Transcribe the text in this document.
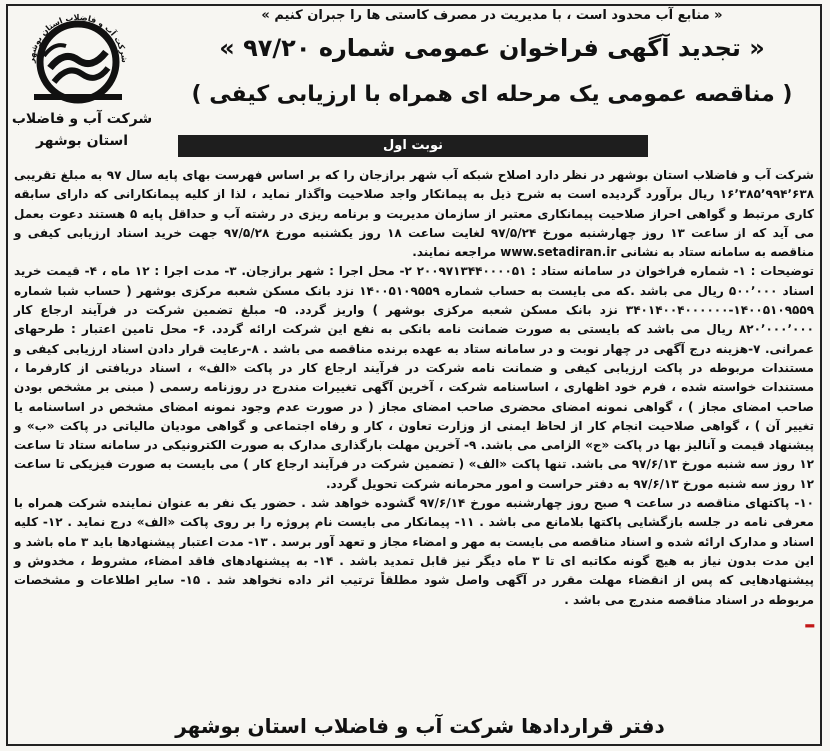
شرکت آب و فاضلاب استان بوشهر
شرکت آب و فاضلاب
استان بوشهر
« منابع آب محدود است ، با مدیریت در مصرف کاستی ها را جبران کنیم »
« تجدید آگهی فراخوان عمومی شماره ۹۷/۲۰ »
( مناقصه عمومی یک مرحله ای همراه با ارزیابی کیفی )
نوبت اول

شرکت آب و فاضلاب استان بوشهر در نظر دارد اصلاح شبکه آب شهر برازجان را که بر اساس فهرست بهای پایه سال ۹۷ به مبلغ تقریبی ۱۶٬۳۸۵٬۹۹۴٬۶۳۸ ریال برآورد گردیده است به شرح ذیل به پیمانکار واجد صلاحیت واگذار نماید ، لذا از کلیه پیمانکارانی که دارای سابقه کاری مرتبط و گواهی احراز صلاحیت پیمانکاری معتبر از سازمان مدیریت و برنامه ریزی در رشته آب و حداقل پایه ۵ هستند دعوت بعمل می آید که از ساعت ۱۳ روز چهارشنبه مورخ ۹۷/۵/۲۴ لغایت ساعت ۱۸ روز یکشنبه مورخ ۹۷/۵/۲۸ جهت خرید اسناد ارزیابی کیفی و مناقصه به سامانه ستاد به نشانی www.setadiran.ir مراجعه نمایند.

توضیحات : ۱- شماره فراخوان در سامانه ستاد : ۲۰۰۹۷۱۳۴۴۰۰۰۰۵۱ ۲- محل اجرا : شهر برازجان. ۳- مدت اجرا : ۱۲ ماه ، ۴- قیمت خرید اسناد ۵۰۰٬۰۰۰ ریال می باشد .که می بایست به حساب شماره ۱۴۰۰۵۱۰۹۵۵۹ نزد بانک مسکن شعبه مرکزی بوشهر ( حساب شبا شماره ۱۴۰۰۵۱۰۹۵۵۹-۳۴۰۱۴۰۰۴۰۰۰۰۰۰ نزد بانک مسکن شعبه مرکزی بوشهر ) واریز گردد. ۵- مبلغ تضمین شرکت در فرآیند ارجاع کار ۸۲۰٬۰۰۰٬۰۰۰ ریال می باشد که بایستی به صورت ضمانت نامه بانکی به نفع این شرکت ارائه گردد. ۶- محل تامین اعتبار : طرحهای عمرانی. ۷-هزینه درج آگهی در چهار نوبت و در سامانه ستاد به عهده برنده مناقصه می باشد . ۸-رعایت قرار دادن اسناد ارزیابی کیفی و مستندات مربوطه در پاکت ارزیابی کیفی و ضمانت نامه شرکت در فرآیند ارجاع کار در پاکت «الف» ، اسناد دریافتی از کارفرما ، مستندات خواسته شده ، فرم خود اظهاری ، اساسنامه شرکت ، آخرین آگهی تغییرات مندرج در روزنامه رسمی ( مبنی بر مشخص بودن صاحب امضای مجاز ) ، گواهی نمونه امضای محضری صاحب امضای مجاز ( در صورت عدم وجود نمونه امضای مشخص در اساسنامه یا تغییر آن ) ، گواهی صلاحیت انجام کار از لحاظ ایمنی از وزارت تعاون ، کار و رفاه اجتماعی و گواهی مودیان مالیاتی در پاکت «ب» و پیشنهاد قیمت و آنالیز بها در پاکت «ج» الزامی می باشد. ۹- آخرین مهلت بارگذاری مدارک به صورت الکترونیکی در سامانه ستاد تا ساعت ۱۲ روز سه شنبه مورخ ۹۷/۶/۱۳ می باشد. تنها پاکت «الف» ( تضمین شرکت در فرآیند ارجاع کار ) می بایست به صورت فیزیکی تا ساعت ۱۲ روز سه شنبه مورخ ۹۷/۶/۱۳ به دفتر حراست و امور محرمانه شرکت تحویل گردد.

۱۰- پاکتهای مناقصه در ساعت ۹ صبح روز چهارشنبه مورخ ۹۷/۶/۱۴ گشوده خواهد شد . حضور یک نفر به عنوان نماینده شرکت همراه با معرفی نامه در جلسه بازگشایی پاکتها بلامانع می باشد . ۱۱- پیمانکار می بایست نام پروژه را بر روی پاکت «الف» درج نماید . ۱۲- کلیه اسناد و مدارک ارائه شده و اسناد مناقصه می بایست به مهر و امضاء مجاز و تعهد آور برسد . ۱۳- مدت اعتبار پیشنهادها باید ۳ ماه باشد و این مدت بدون نیاز به هیچ گونه مکاتبه ای تا ۳ ماه دیگر نیز قابل تمدید باشد . ۱۴- به پیشنهادهای فاقد امضاء، مشروط ، مخدوش و پیشنهادهایی که پس از انقضاء مهلت مقرر در آگهی واصل شود مطلقاً ترتیب اثر داده نخواهد شد . ۱۵- سایر اطلاعات و مشخصات مربوطه در اسناد مناقصه مندرج می باشد .

دفتر قراردادها شرکت آب و فاضلاب استان بوشهر
ـ
